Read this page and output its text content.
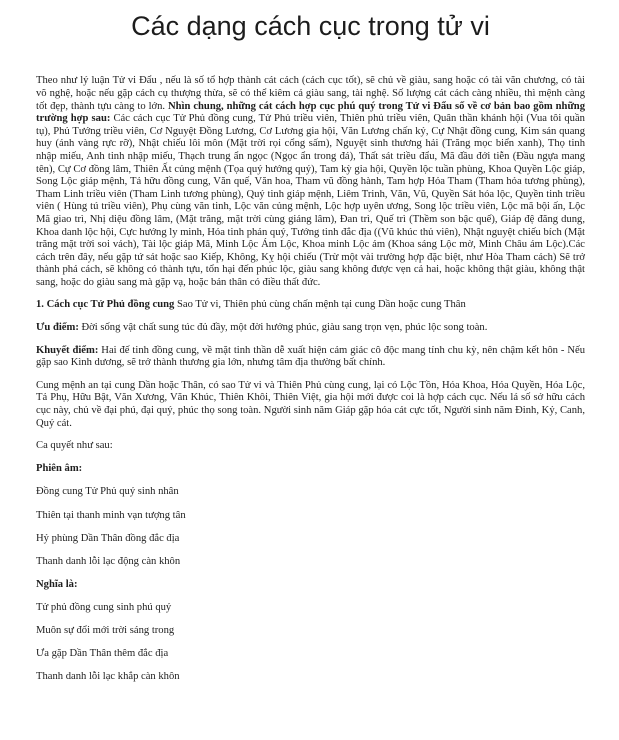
Các dạng cách cục trong tử vi

Theo như lý luận Tử vi Đẩu , nếu là số tổ hợp thành cát cách (cách cục tốt), sẽ chủ về giàu, sang hoặc có tài văn chương, có tài võ nghệ, hoặc nếu gặp cách cụ thượng thừa, sẽ có thể kiêm cả giàu sang, tài nghệ. Số lượng cát cách càng nhiều, thì mệnh càng tốt đẹp, thành tựu càng to lớn. Nhìn chung, những cát cách hợp cục phú quý trong Tử vi Đẩu số về cơ bản bao gồm những trường hợp sau: Các cách cục Tử Phủ đồng cung, Tử Phủ triều viên, Thiên phủ triều viên, Quân thần khánh hội (Vua tôi quần tụ), Phủ Tướng triều viên, Cơ Nguyệt Đồng Lương, Cơ Lương gia hội, Văn Lương chấn kỷ, Cự Nhật đồng cung, Kim sán quang huy (ánh vàng rực rỡ), Nhật chiếu lôi môn (Mặt trời rọi cổng sấm), Nguyệt sinh thương hải (Trăng mọc biển xanh), Thọ tinh nhập miếu, Anh tinh nhập miếu, Thạch trung ẩn ngọc (Ngọc ẩn trong đá), Thất sát triều đẩu, Mã đầu đới tiễn (Đầu ngựa mang tên), Cự Cơ đồng lâm, Thiên Ất củng mệnh (Tọa quý hướng quý), Tam kỳ gia hội, Quyền lộc tuần phùng, Khoa Quyền Lộc giáp, Song Lộc giáp mệnh, Tả hữu đồng cung, Văn quế, Văn hoa, Tham vũ đồng hành, Tam hợp Hỏa Tham (Tham hỏa tương phùng), Tham Linh triều viên (Tham Linh tương phùng), Quý tinh giáp mệnh, Liêm Trinh, Văn, Vũ, Quyền Sát hóa lộc, Quyền tinh triều viên ( Hùng tú triều viên), Phụ cùng văn tinh, Lộc văn củng mệnh, Lộc hợp uyên ương, Song lộc triều viên, Lộc mã bội ấn, Lộc Mã giao trì, Nhị diệu đồng lâm, (Mặt trăng, mặt trời cùng giáng lâm), Đan trì, Quế trì (Thềm son bậc quế), Giáp đệ đăng dung, Khoa danh lộc hội, Cực hướng ly minh, Hóa tinh phản quý, Tướng tinh đắc địa ((Vũ khúc thủ viên), Nhật nguyệt chiếu bích (Mặt trăng mặt trời soi vách), Tài lộc giáp Mã, Minh Lộc Ám Lộc, Khoa minh Lộc ám (Khoa sáng Lộc mờ, Minh Châu ám Lộc).Các cách trên đây, nếu gặp tứ sát hoặc sao Kiếp, Không, Kỵ hội chiếu (Trừ một vài trường hợp đặc biệt, như Hòa Tham cách) Sẽ trở thành phá cách, sẽ không có thành tựu, tổn hại đến phúc lộc, giàu sang không được vẹn cả hai, hoặc không thật giàu, không thật sang, hoặc do giàu sang mà gặp vạ, hoặc bản thân có điều thất đức.

1. Cách cục Tử Phủ đồng cung Sao Tử vi, Thiên phủ cùng chấn mệnh tại cung Dần hoặc cung Thân

Ưu điểm: Đời sống vật chất sung túc đủ đầy, một đời hưởng phúc, giàu sang trọn vẹn, phúc lộc song toàn.

Khuyết điểm: Hai đế tinh đồng cung, về mặt tinh thần dễ xuất hiện cảm giác cô độc mang tính chu kỳ, nên chậm kết hôn - Nếu gặp sao Kình dương, sẽ trở thành thương gia lớn, nhưng tâm địa thường bất chính.

Cung mệnh an tại cung Dần hoặc Thân, có sao Tử vi và Thiên Phủ cùng cung, lại có Lộc Tồn, Hóa Khoa, Hóa Quyền, Hóa Lộc, Tả Phụ, Hữu Bật, Văn Xương, Văn Khúc, Thiên Khôi, Thiên Việt, gia hội mới được coi là hợp cách cục. Nếu lá số sở hữu cách cục này, chủ về đại phú, đại quý, phúc thọ song toàn. Người sinh năm Giáp gặp hóa cát cực tốt, Người sinh năm Đinh, Kỷ, Canh, Quý cát.

Ca quyết như sau:

Phiên âm:

Đồng cung Tử Phủ quý sinh nhân

Thiên tại thanh minh vạn tượng tân

Hỷ phùng Dần Thân đồng đắc địa

Thanh danh lỗi lạc động càn khôn

Nghĩa là:

Tử phủ đồng cung sinh phú quý

Muôn sự đổi mới trời sáng trong

Ưa gặp Dần Thân thêm đắc địa

Thanh danh lỗi lạc khắp càn khôn
